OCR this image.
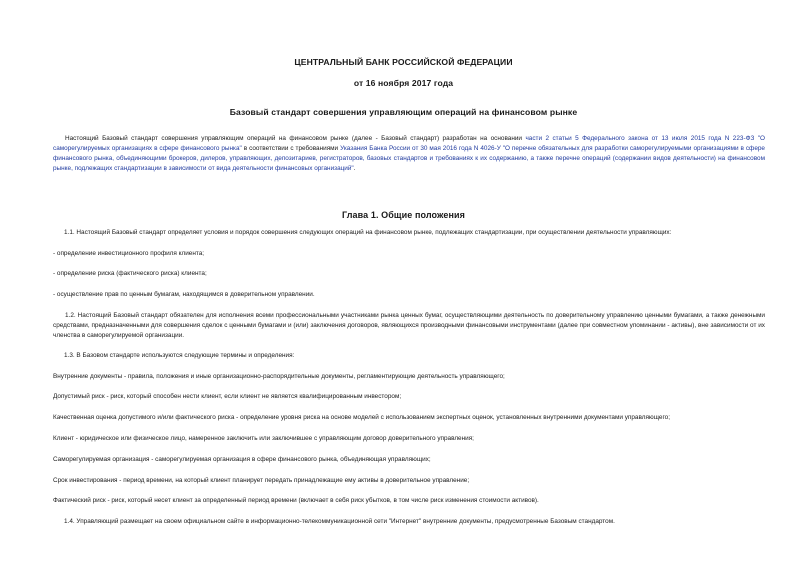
ЦЕНТРАЛЬНЫЙ БАНК РОССИЙСКОЙ ФЕДЕРАЦИИ
от 16 ноября 2017 года
Базовый стандарт совершения управляющим операций на финансовом рынке
Настоящий Базовый стандарт совершения управляющим операций на финансовом рынке (далее - Базовый стандарт) разработан на основании части 2 статьи 5 Федерального закона от 13 июля 2015 года N 223-ФЗ "О саморегулируемых организациях в сфере финансового рынка" в соответствии с требованиями Указания Банка России от 30 мая 2016 года N 4026-У "О перечне обязательных для разработки саморегулируемыми организациями в сфере финансового рынка, объединяющими брокеров, дилеров, управляющих, депозитариев, регистраторов, базовых стандартов и требованиях к их содержанию, а также перечне операций (содержании видов деятельности) на финансовом рынке, подлежащих стандартизации в зависимости от вида деятельности финансовых организаций".
Глава 1. Общие положения
1.1. Настоящий Базовый стандарт определяет условия и порядок совершения следующих операций на финансовом рынке, подлежащих стандартизации, при осуществлении деятельности управляющих:
- определение инвестиционного профиля клиента;
- определение риска (фактического риска) клиента;
- осуществление прав по ценным бумагам, находящимся в доверительном управлении.
1.2. Настоящий Базовый стандарт обязателен для исполнения всеми профессиональными участниками рынка ценных бумаг, осуществляющими деятельность по доверительному управлению ценными бумагами, а также денежными средствами, предназначенными для совершения сделок с ценными бумагами и (или) заключения договоров, являющихся производными финансовыми инструментами (далее при совместном упоминании - активы), вне зависимости от их членства в саморегулируемой организации.
1.3. В Базовом стандарте используются следующие термины и определения:
Внутренние документы - правила, положения и иные организационно-распорядительные документы, регламентирующие деятельность управляющего;
Допустимый риск - риск, который способен нести клиент, если клиент не является квалифицированным инвестором;
Качественная оценка допустимого и/или фактического риска - определение уровня риска на основе моделей с использованием экспертных оценок, установленных внутренними документами управляющего;
Клиент - юридическое или физическое лицо, намеренное заключить или заключившее с управляющим договор доверительного управления;
Саморегулируемая организация - саморегулируемая организация в сфере финансового рынка, объединяющая управляющих;
Срок инвестирования - период времени, на который клиент планирует передать принадлежащие ему активы в доверительное управление;
Фактический риск - риск, который несет клиент за определенный период времени (включает в себя риск убытков, в том числе риск изменения стоимости активов).
1.4. Управляющий размещает на своем официальном сайте в информационно-телекоммуникационной сети "Интернет" внутренние документы, предусмотренные Базовым стандартом.
